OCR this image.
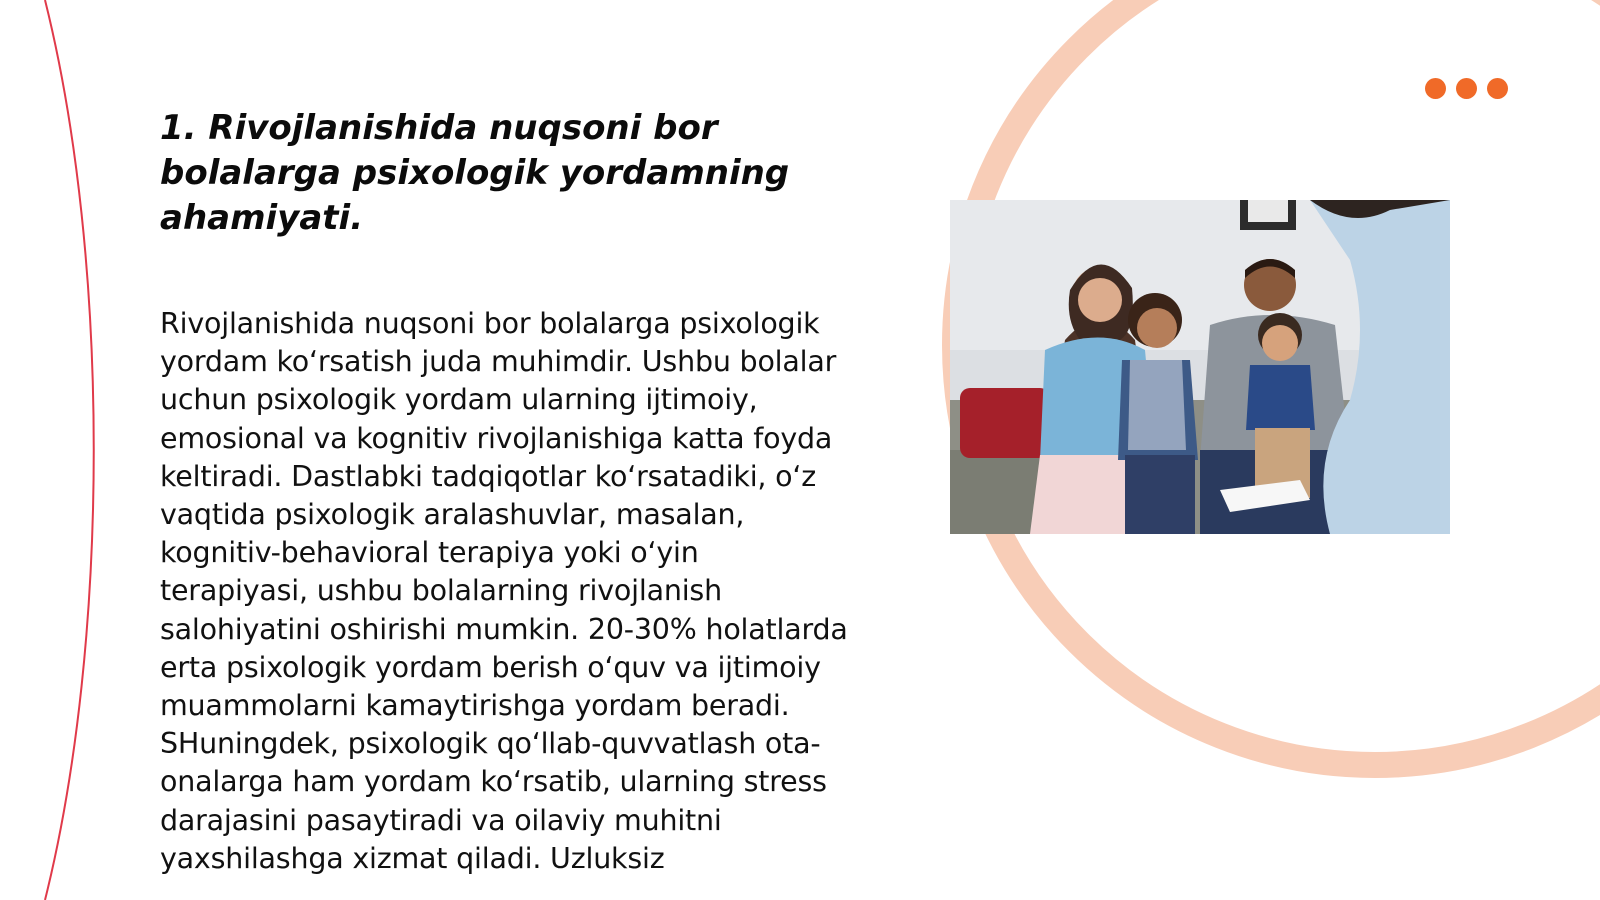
1. Rivojlanishida nuqsoni bor bolalarga psixologik yordamning ahamiyati.

Rivojlanishida nuqsoni bor bolalarga psixologik yordam koʻrsatish juda muhimdir. Ushbu bolalar uchun psixologik yordam ularning ijtimoiy, emosional va kognitiv rivojlanishiga katta foyda keltiradi. Dastlabki tadqiqotlar koʻrsatadiki, oʻz vaqtida psixologik aralashuvlar, masalan, kognitiv-behavioral terapiya yoki oʻyin terapiyasi, ushbu bolalarning rivojlanish salohiyatini oshirishi mumkin. 20-30% holatlarda erta psixologik yordam berish oʻquv va ijtimoiy muammolarni kamaytirishga yordam beradi. SHuningdek, psixologik qoʻllab-quvvatlash ota-onalarga ham yordam koʻrsatib, ularning stress darajasini pasaytiradi va oilaviy muhitni yaxshilashga xizmat qiladi. Uzluksiz
